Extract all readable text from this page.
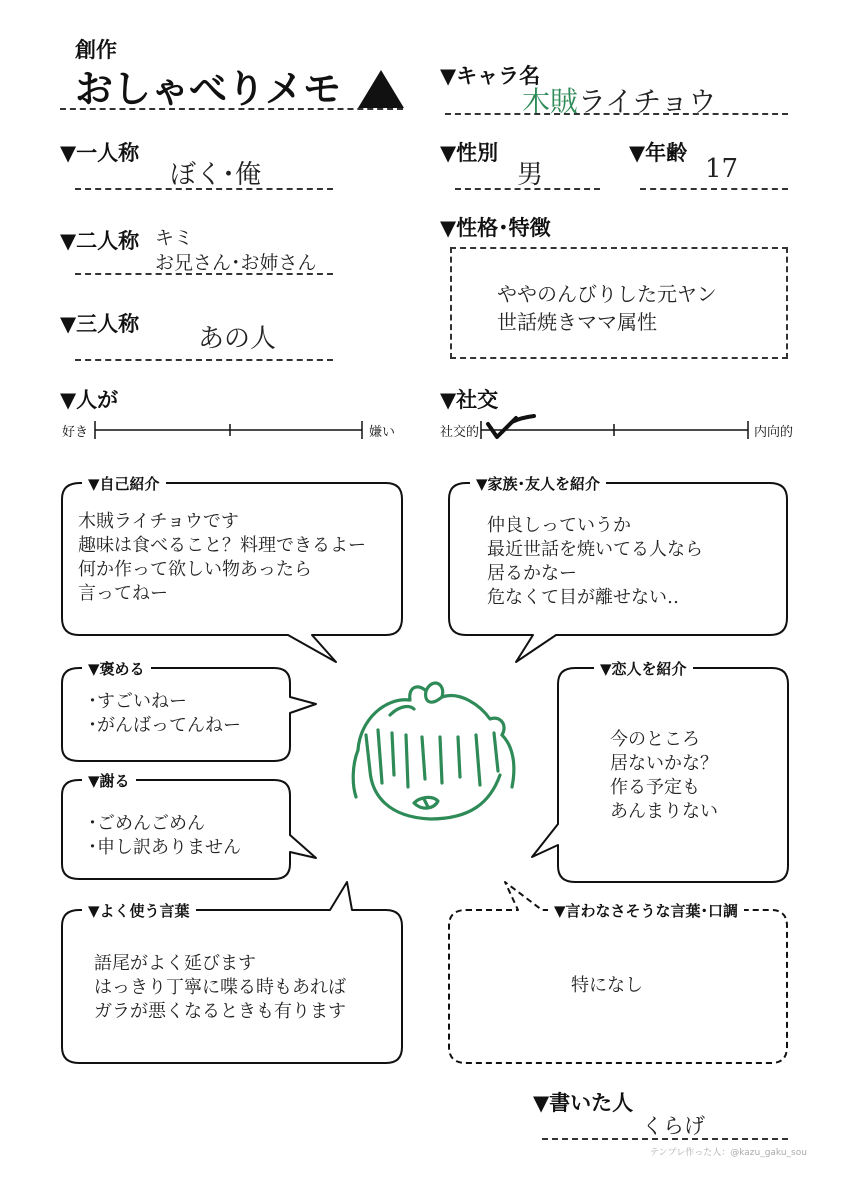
創作
おしゃべりメモ	▼キャラ名
木賊ライチョウ
▼一人称
ぼく･俺
▼性別
男
▼年齢
17
▼二人称 キミ
お兄さん･お姉さん
▼性格･特徴
ややのんびりした元ヤン
世話焼きママ属性
▼三人称 あの人
▼人が
好き	嫌い
▼社交
社交的	内向的
▼自己紹介
木賊ライチョウです
趣味は食べること？料理できるよー
何か作って欲しい物あったら
言ってねー
▼家族･友人を紹介
仲良しっていうか
最近世話を焼いてる人なら
居るかなー
危なくて目が離せない‥
▼褒める
･すごいねー
･がんばってんねー
▼謝る
･ごめんごめん
･申し訳ありません
▼恋人を紹介
今のところ
居ないかな？
作る予定も
あんまりない
▼よく使う言葉
語尾がよく延びます
はっきり丁寧に喋る時もあれば
ガラが悪くなるときも有ります
▼言わなさそうな言葉･口調
特になし
▼書いた人
くらげ
テンプレ作った人：@kazu_gaku_sou
